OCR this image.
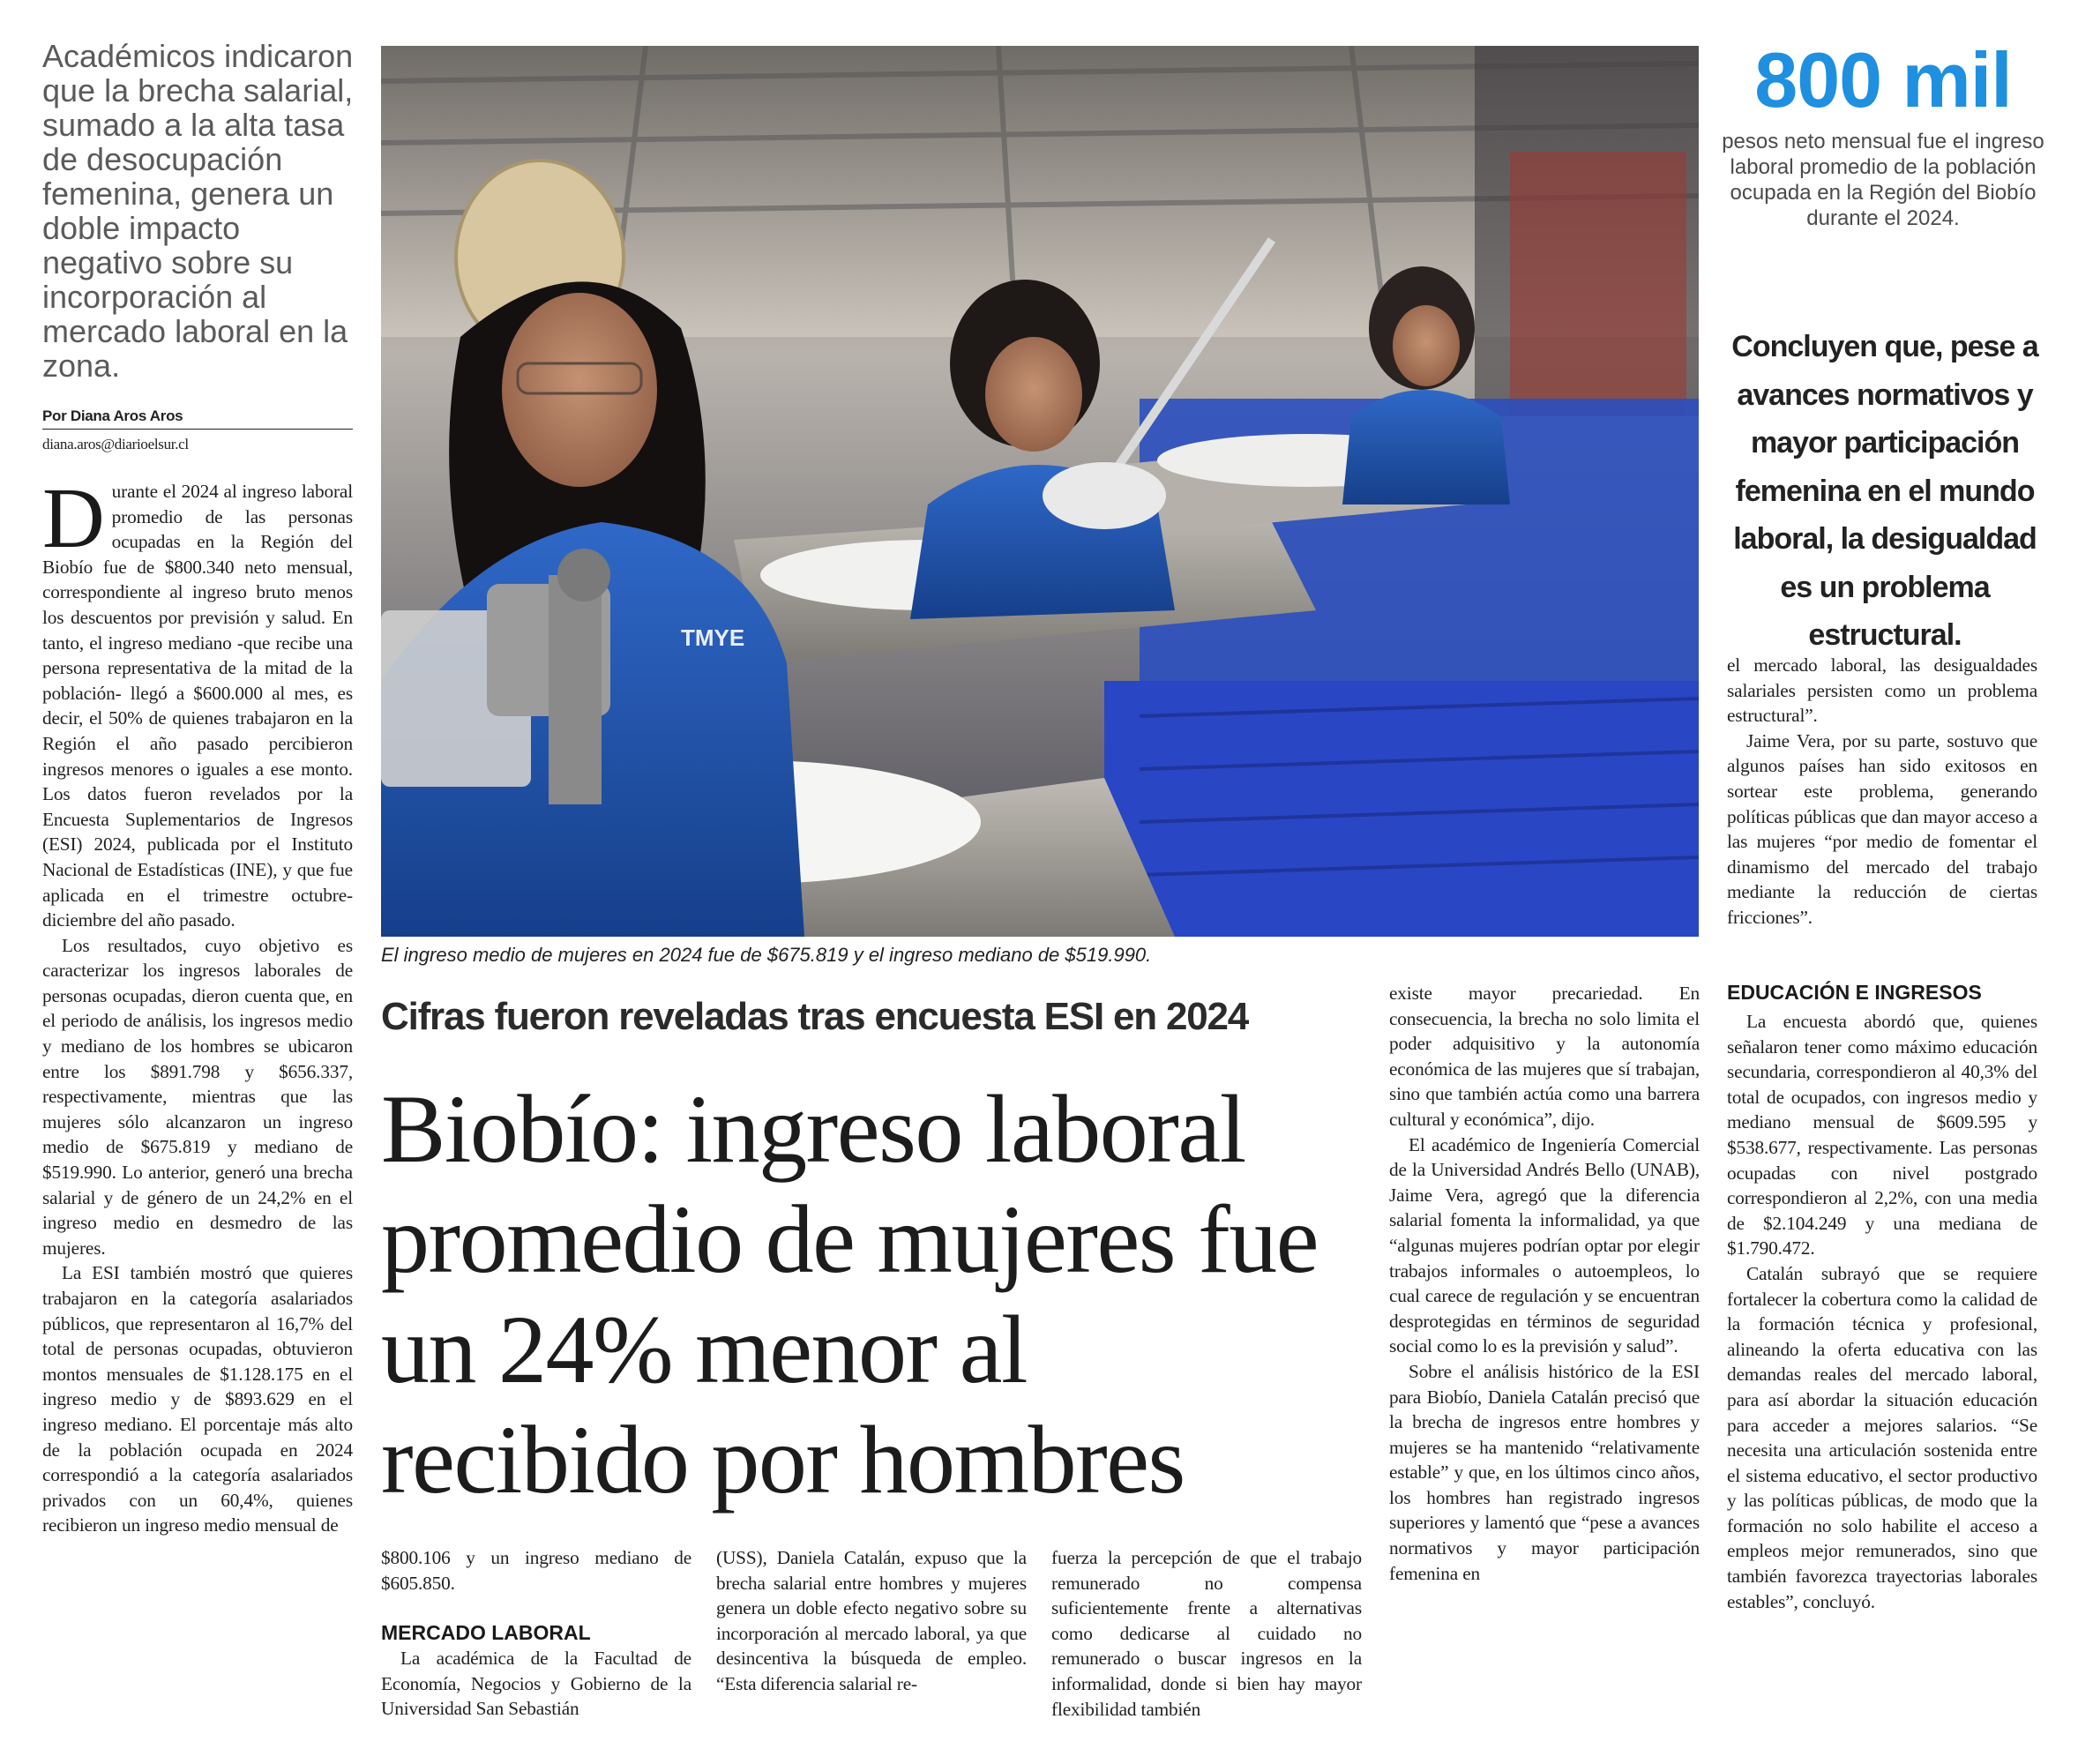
Académicos indicaron que la brecha salarial, sumado a la alta tasa de desocupación femenina, genera un doble impacto negativo sobre su incorporación al mercado laboral en la zona.
Por Diana Aros Aros
diana.aros@diarioelsur.cl

Durante el 2024 al ingreso laboral promedio de las personas ocupadas en la Región del Biobío fue de $800.340 neto mensual, correspondiente al ingreso bruto menos los descuentos por previsión y salud. En tanto, el ingreso mediano -que recibe una persona representativa de la mitad de la población- llegó a $600.000 al mes, es decir, el 50% de quienes trabajaron en la Región el año pasado percibieron ingresos menores o iguales a ese monto. Los datos fueron revelados por la Encuesta Suplementarios de Ingresos (ESI) 2024, publicada por el Instituto Nacional de Estadísticas (INE), y que fue aplicada en el trimestre octubre-diciembre del año pasado.

Los resultados, cuyo objetivo es caracterizar los ingresos laborales de personas ocupadas, dieron cuenta que, en el periodo de análisis, los ingresos medio y mediano de los hombres se ubicaron entre los $891.798 y $656.337, respectivamente, mientras que las mujeres sólo alcanzaron un ingreso medio de $675.819 y mediano de $519.990. Lo anterior, generó una brecha salarial y de género de un 24,2% en el ingreso medio en desmedro de las mujeres.

La ESI también mostró que quieres trabajaron en la categoría asalariados públicos, que representaron al 16,7% del total de personas ocupadas, obtuvieron montos mensuales de $1.128.175 en el ingreso medio y de $893.629 en el ingreso mediano. El porcentaje más alto de la población ocupada en 2024 correspondió a la categoría asalariados privados con un 60,4%, quienes recibieron un ingreso medio mensual de

TMYE
El ingreso medio de mujeres en 2024 fue de $675.819 y el ingreso mediano de $519.990.
800 mil
pesos neto mensual fue el ingreso laboral promedio de la población ocupada en la Región del Biobío durante el 2024.
Concluyen que, pese a avances normativos y mayor participación femenina en el mundo laboral, la desigualdad es un problema estructural.

el mercado laboral, las desigualdades salariales persisten como un problema estructural”.

Jaime Vera, por su parte, sostuvo que algunos países han sido exitosos en sortear este problema, generando políticas públicas que dan mayor acceso a las mujeres “por medio de fomentar el dinamismo del mercado del trabajo mediante la reducción de ciertas fricciones”.

EDUCACIÓN E INGRESOS

La encuesta abordó que, quienes señalaron tener como máximo educación secundaria, correspondieron al 40,3% del total de ocupados, con ingresos medio y mediano mensual de $609.595 y $538.677, respectivamente. Las personas ocupadas con nivel postgrado correspondieron al 2,2%, con una media de $2.104.249 y una mediana de $1.790.472.

Catalán subrayó que se requiere fortalecer la cobertura como la calidad de la formación técnica y profesional, alineando la oferta educativa con las demandas reales del mercado laboral, para así abordar la situación educación para acceder a mejores salarios. “Se necesita una articulación sostenida entre el sistema educativo, el sector productivo y las políticas públicas, de modo que la formación no solo habilite el acceso a empleos mejor remunerados, sino que también favorezca trayectorias laborales estables”, concluyó.

Cifras fueron reveladas tras encuesta ESI en 2024
Biobío: ingreso laboral promedio de mujeres fue un 24% menor al recibido por hombres

$800.106 y un ingreso mediano de $605.850.

MERCADO LABORAL

La académica de la Facultad de Economía, Negocios y Gobierno de la Universidad San Sebastián

(USS), Daniela Catalán, expuso que la brecha salarial entre hombres y mujeres genera un doble efecto negativo sobre su incorporación al mercado laboral, ya que desincentiva la búsqueda de empleo. “Esta diferencia salarial re-

fuerza la percepción de que el trabajo remunerado no compensa suficientemente frente a alternativas como dedicarse al cuidado no remunerado o buscar ingresos en la informalidad, donde si bien hay mayor flexibilidad también

existe mayor precariedad. En consecuencia, la brecha no solo limita el poder adquisitivo y la autonomía económica de las mujeres que sí trabajan, sino que también actúa como una barrera cultural y económica”, dijo.

El académico de Ingeniería Comercial de la Universidad Andrés Bello (UNAB), Jaime Vera, agregó que la diferencia salarial fomenta la informalidad, ya que “algunas mujeres podrían optar por elegir trabajos informales o autoempleos, lo cual carece de regulación y se encuentran desprotegidas en términos de seguridad social como lo es la previsión y salud”.

Sobre el análisis histórico de la ESI para Biobío, Daniela Catalán precisó que la brecha de ingresos entre hombres y mujeres se ha mantenido “relativamente estable” y que, en los últimos cinco años, los hombres han registrado ingresos superiores y lamentó que “pese a avances normativos y mayor participación femenina en
